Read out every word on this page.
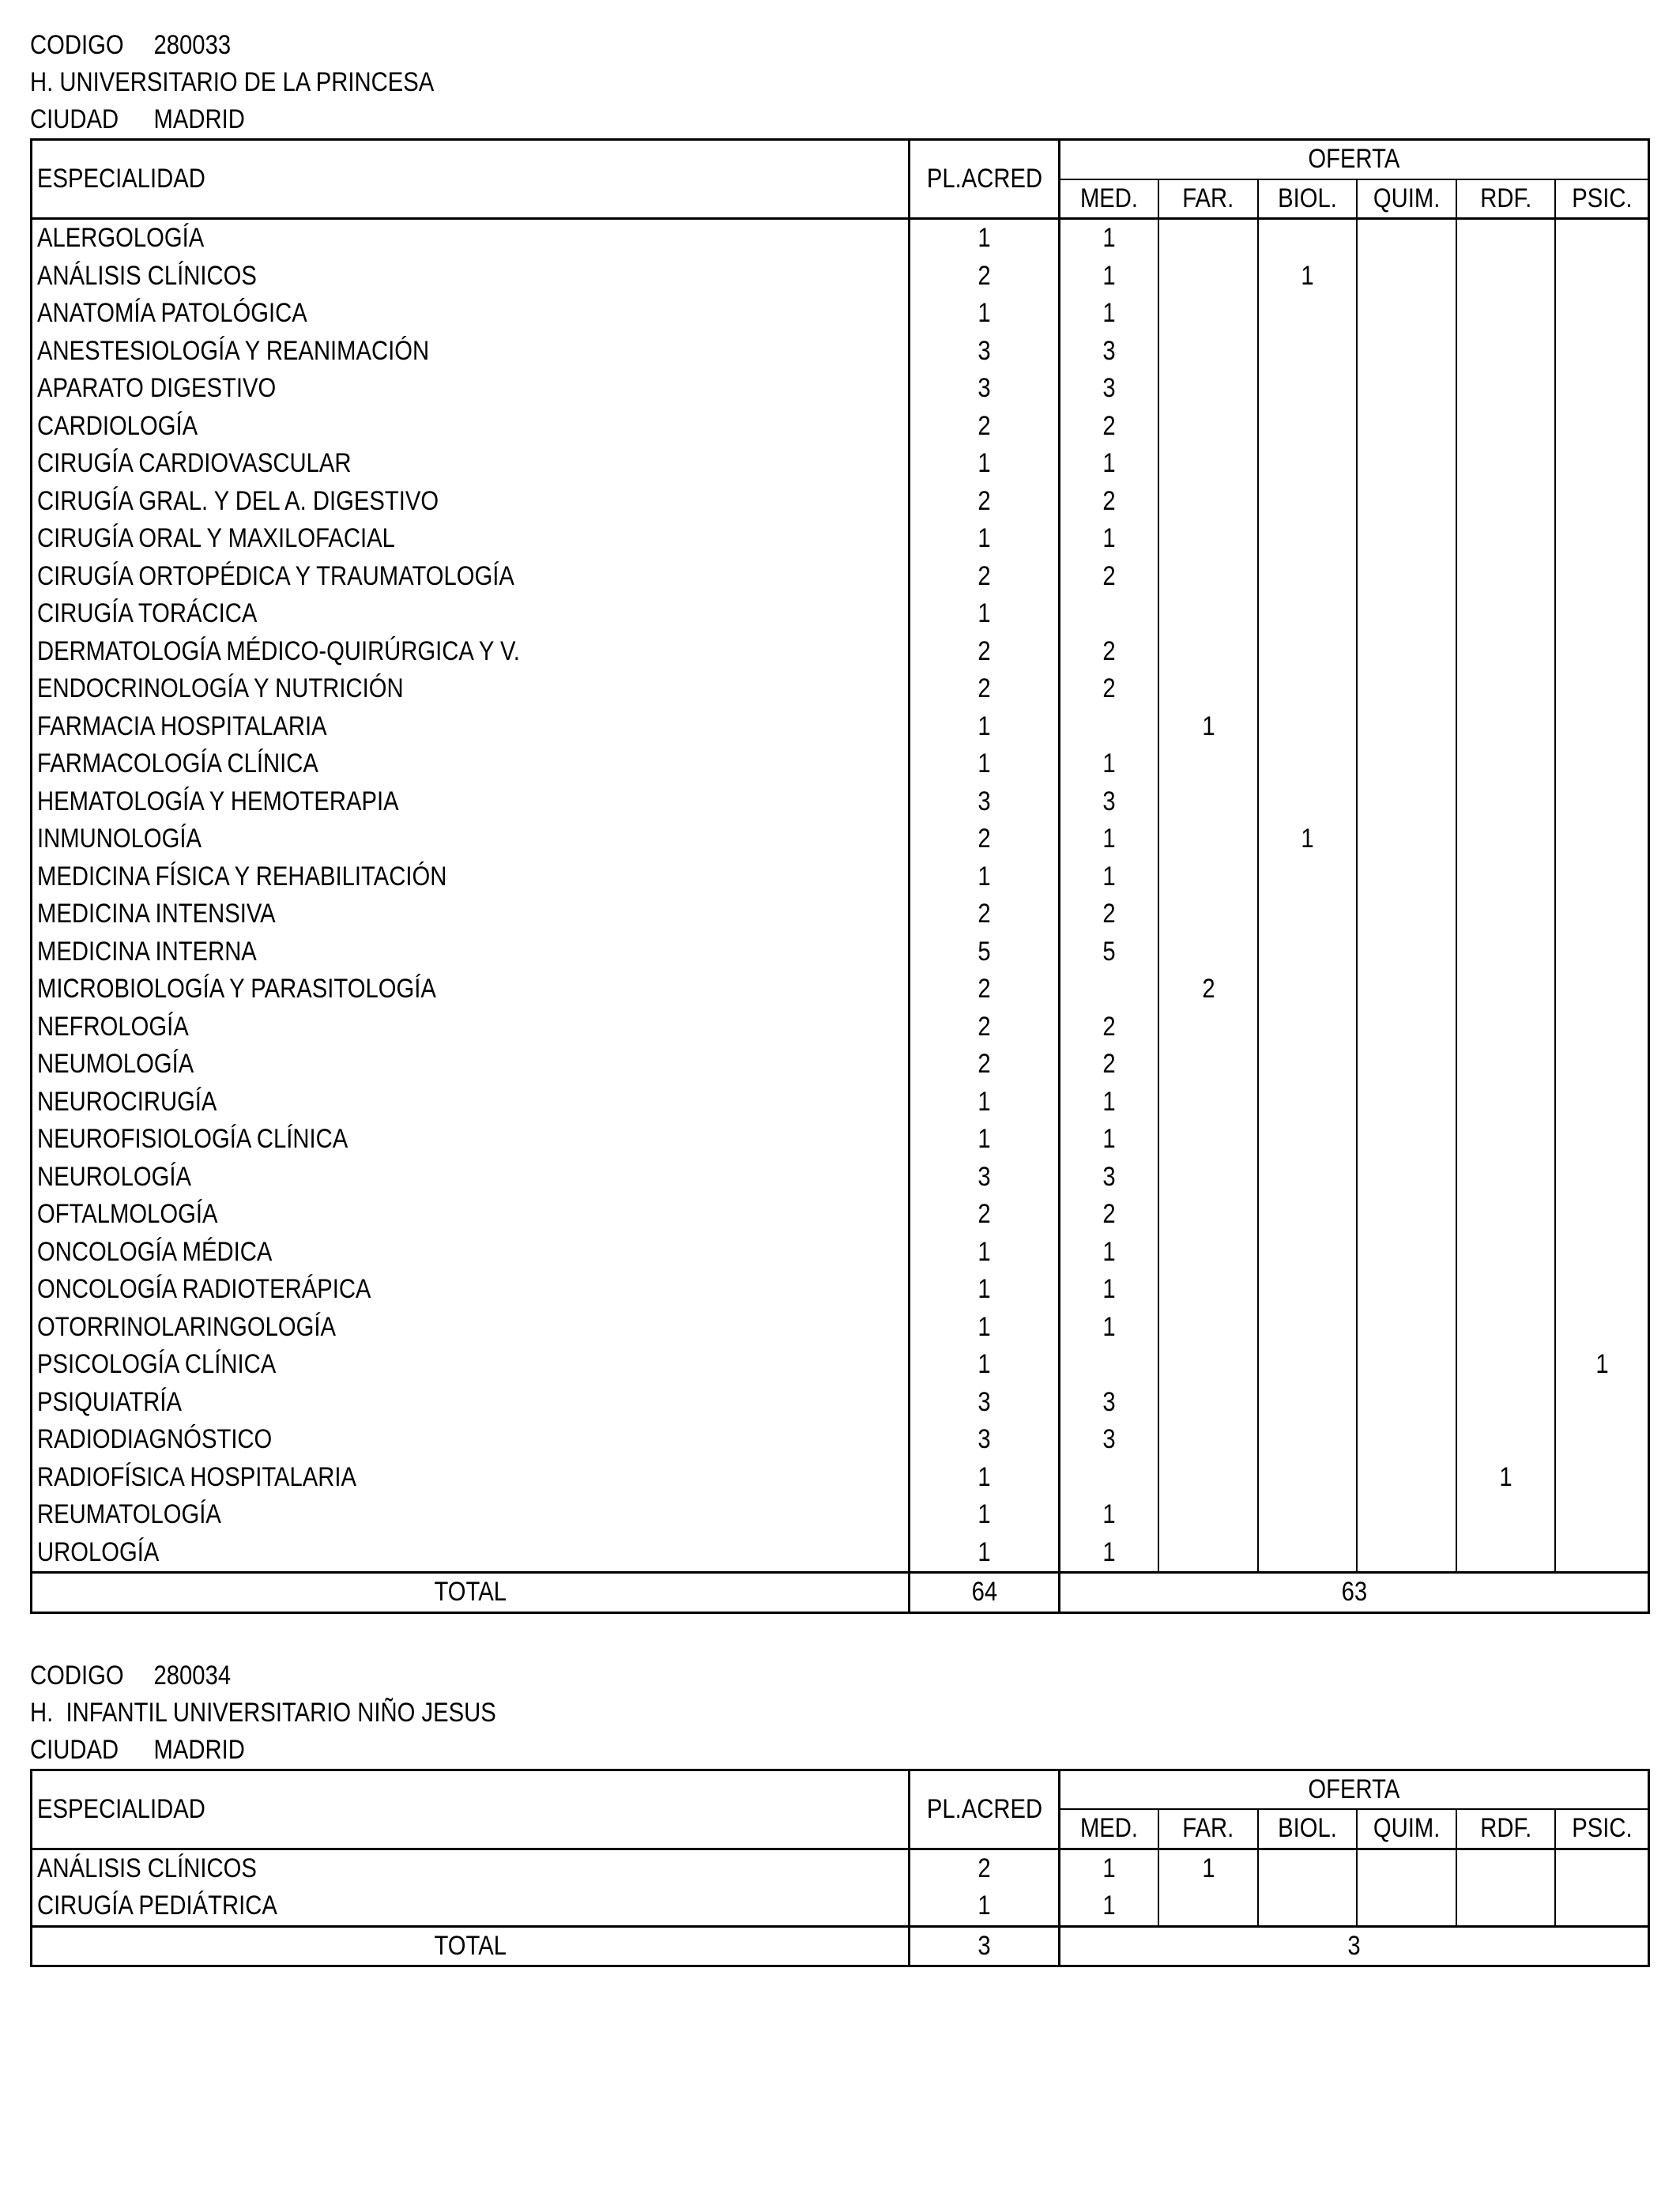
CODIGO 280033
H. UNIVERSITARIO DE LA PRINCESA
CIUDAD MADRID
ESPECIALIDAD	PL.ACRED	OFERTA					
		MED.	FAR.	BIOL.	QUIM.	RDF.	PSIC.
ALERGOLOGÍA	1	1					
ANÁLISIS CLÍNICOS	2	1		1			
ANATOMÍA PATOLÓGICA	1	1					
ANESTESIOLOGÍA Y REANIMACIÓN	3	3					
APARATO DIGESTIVO	3	3					
CARDIOLOGÍA	2	2					
CIRUGÍA CARDIOVASCULAR	1	1					
CIRUGÍA GRAL. Y DEL A. DIGESTIVO	2	2					
CIRUGÍA ORAL Y MAXILOFACIAL	1	1					
CIRUGÍA ORTOPÉDICA Y TRAUMATOLOGÍA	2	2					
CIRUGÍA TORÁCICA	1						
DERMATOLOGÍA MÉDICO-QUIRÚRGICA Y V.	2	2					
ENDOCRINOLOGÍA Y NUTRICIÓN	2	2					
FARMACIA HOSPITALARIA	1		1				
FARMACOLOGÍA CLÍNICA	1	1					
HEMATOLOGÍA Y HEMOTERAPIA	3	3					
INMUNOLOGÍA	2	1		1			
MEDICINA FÍSICA Y REHABILITACIÓN	1	1					
MEDICINA INTENSIVA	2	2					
MEDICINA INTERNA	5	5					
MICROBIOLOGÍA Y PARASITOLOGÍA	2		2				
NEFROLOGÍA	2	2					
NEUMOLOGÍA	2	2					
NEUROCIRUGÍA	1	1					
NEUROFISIOLOGÍA CLÍNICA	1	1					
NEUROLOGÍA	3	3					
OFTALMOLOGÍA	2	2					
ONCOLOGÍA MÉDICA	1	1					
ONCOLOGÍA RADIOTERÁPICA	1	1					
OTORRINOLARINGOLOGÍA	1	1					
PSICOLOGÍA CLÍNICA	1						1
PSIQUIATRÍA	3	3					
RADIODIAGNÓSTICO	3	3					
RADIOFÍSICA HOSPITALARIA	1					1	
REUMATOLOGÍA	1	1					
UROLOGÍA	1	1					
TOTAL	64	63					
CODIGO 280034
H.  INFANTIL UNIVERSITARIO NIÑO JESUS
CIUDAD MADRID
ESPECIALIDAD	PL.ACRED	OFERTA					
		MED.	FAR.	BIOL.	QUIM.	RDF.	PSIC.
ANÁLISIS CLÍNICOS	2	1	1				
CIRUGÍA PEDIÁTRICA	1	1					
TOTAL	3	3					
